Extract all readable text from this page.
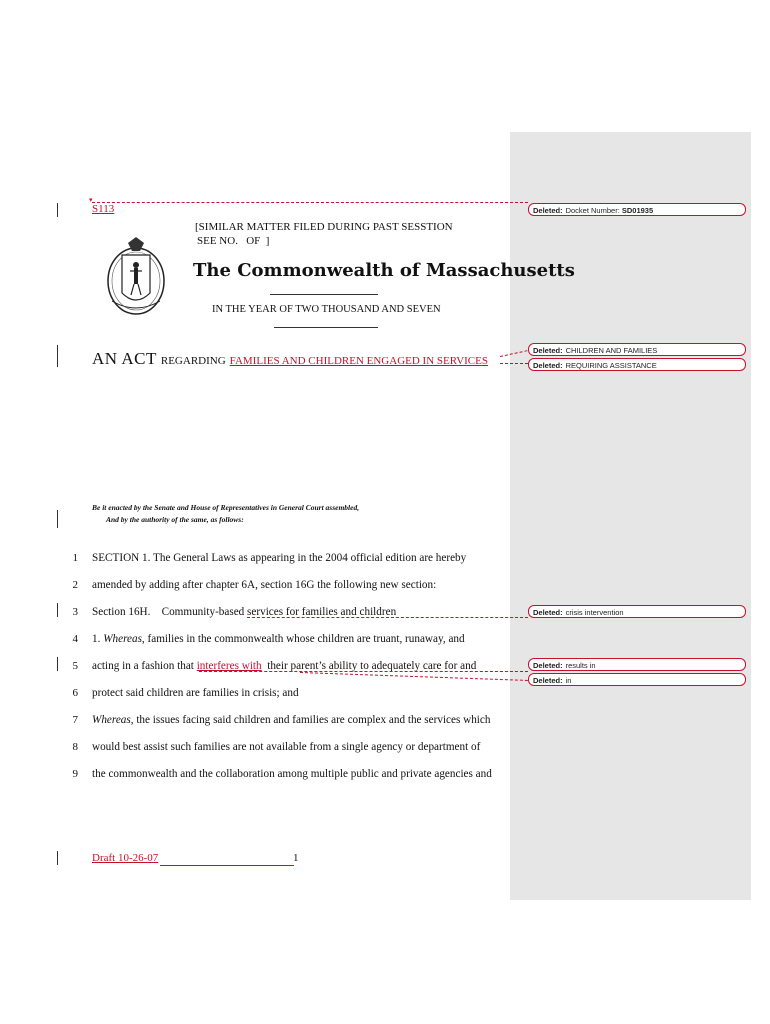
S113
▾
[SIMILAR MATTER FILED DURING PAST SESSTION
SEE NO.   OF  ]
The Commonwealth of Massachusetts
IN THE YEAR OF TWO THOUSAND AND SEVEN
AN ACT REGARDING FAMILIES AND CHILDREN ENGAGED IN SERVICES
Be it enacted by the Senate and House of Representatives in General Court assembled,
And by the authority of the same, as follows:
1 SECTION 1. The General Laws as appearing in the 2004 official edition are hereby
2 amended by adding after chapter 6A, section 16G the following new section:
3 Section 16H.    Community-based services for families and children
4 1. Whereas, families in the commonwealth whose children are truant, runaway, and
5 acting in a fashion that interferes with  their parent’s ability to adequately care for and
6 protect said children are families in crisis; and
7 Whereas, the issues facing said children and families are complex and the services which
8 would best assist such families are not available from a single agency or department of
9 the commonwealth and the collaboration among multiple public and private agencies and
Draft 10-26-07	1
Deleted: Docket Number: SD01935
Deleted: CHILDREN AND FAMILIES
Deleted: REQUIRING ASSISTANCE
Deleted: crisis intervention
Deleted: results in
Deleted: in
